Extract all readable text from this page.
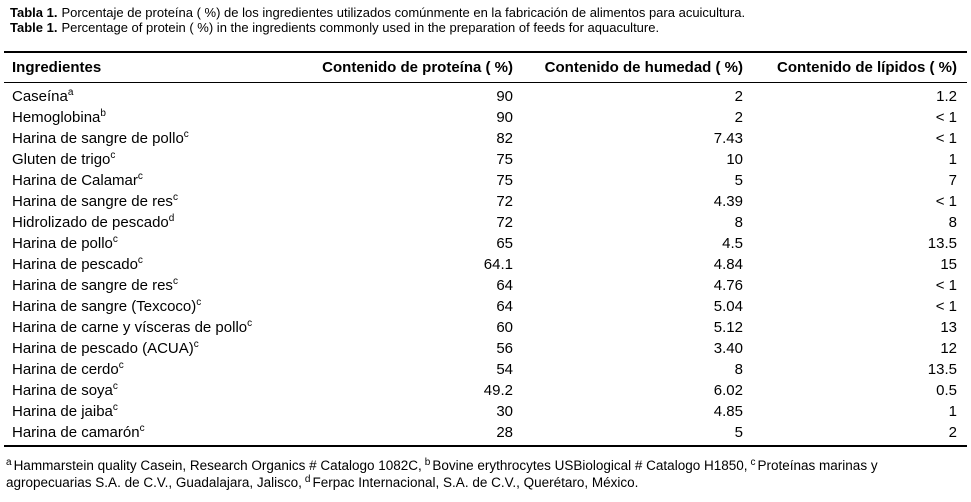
Tabla 1. Porcentaje de proteína ( %) de los ingredientes utilizados comúnmente en la fabricación de alimentos para acuicultura.

Table 1. Percentage of protein ( %) in the ingredients commonly used in the preparation of feeds for aquaculture.

Ingredientes	Contenido de proteína ( %)	Contenido de humedad ( %)	Contenido de lípidos ( %)
Caseína$^a$	90	2	1.2
Hemoglobina$^b$	90	2	< 1
Harina de sangre de pollo$^c$	82	7.43	< 1
Gluten de trigo$^c$	75	10	1
Harina de Calamar$^c$	75	5	7
Harina de sangre de res$^c$	72	4.39	< 1
Hidrolizado de pescado$^d$	72	8	8
Harina de pollo$^c$	65	4.5	13.5
Harina de pescado$^c$	64.1	4.84	15
Harina de sangre de res$^c$	64	4.76	< 1
Harina de sangre (Texcoco)$^c$	64	5.04	< 1
Harina de carne y vísceras de pollo$^c$	60	5.12	13
Harina de pescado (ACUA)$^c$	56	3.40	12
Harina de cerdo$^c$	54	8	13.5
Harina de soya$^c$	49.2	6.02	0.5
Harina de jaiba$^c$	30	4.85	1
Harina de camarón$^c$	28	5	2

$^a$ Hammarstein quality Casein, Research Organics # Catalogo 1082C, $^b$ Bovine erythrocytes USBiological # Catalogo H1850, $^c$ Proteínas marinas y agropecuarias S.A. de C.V., Guadalajara, Jalisco, $^d$ Ferpac Internacional, S.A. de C.V., Querétaro, México.
